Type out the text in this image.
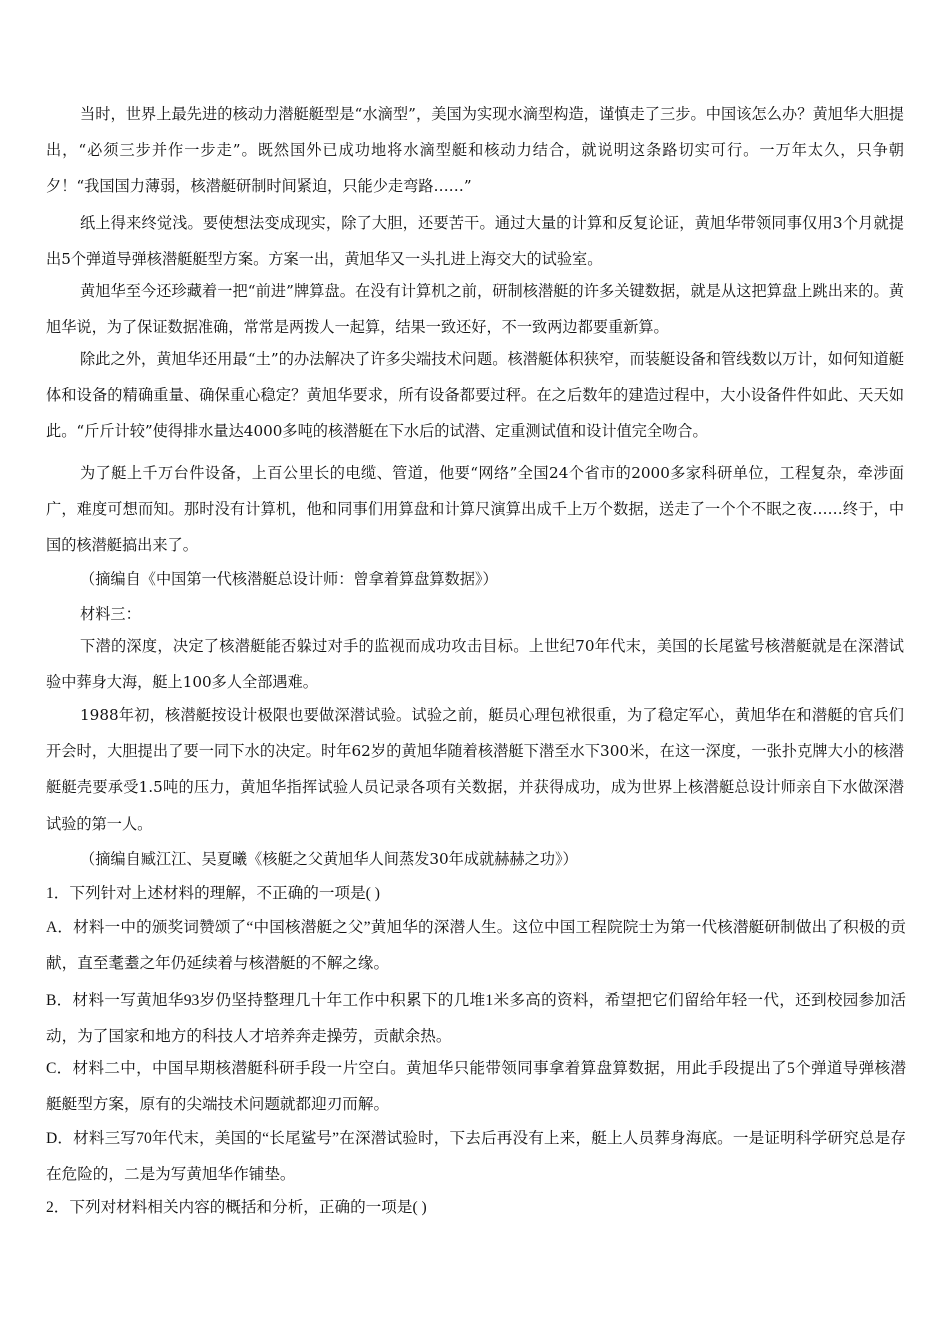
当时，世界上最先进的核动力潜艇艇型是“水滴型”，美国为实现水滴型构造，谨慎走了三步。中国该怎么办？黄旭华大胆提出，“必须三步并作一步走”。既然国外已成功地将水滴型艇和核动力结合，就说明这条路切实可行。一万年太久，只争朝夕！“我国国力薄弱，核潜艇研制时间紧迫，只能少走弯路……”

纸上得来终觉浅。要使想法变成现实，除了大胆，还要苦干。通过大量的计算和反复论证，黄旭华带领同事仅用3个月就提出5个弹道导弹核潜艇艇型方案。方案一出，黄旭华又一头扎进上海交大的试验室。

黄旭华至今还珍藏着一把“前进”牌算盘。在没有计算机之前，研制核潜艇的许多关键数据，就是从这把算盘上跳出来的。黄旭华说，为了保证数据准确，常常是两拨人一起算，结果一致还好，不一致两边都要重新算。

除此之外，黄旭华还用最“土”的办法解决了许多尖端技术问题。核潜艇体积狭窄，而装艇设备和管线数以万计，如何知道艇体和设备的精确重量、确保重心稳定？黄旭华要求，所有设备都要过秤。在之后数年的建造过程中，大小设备件件如此、天天如此。“斤斤计较”使得排水量达4000多吨的核潜艇在下水后的试潜、定重测试值和设计值完全吻合。

为了艇上千万台件设备，上百公里长的电缆、管道，他要“网络”全国24个省市的2000多家科研单位，工程复杂，牵涉面广，难度可想而知。那时没有计算机，他和同事们用算盘和计算尺演算出成千上万个数据，送走了一个个不眠之夜……终于，中国的核潜艇搞出来了。

（摘编自《中国第一代核潜艇总设计师：曾拿着算盘算数据》）

材料三：

下潜的深度，决定了核潜艇能否躲过对手的监视而成功攻击目标。上世纪70年代末，美国的长尾鲨号核潜艇就是在深潜试验中葬身大海，艇上100多人全部遇难。

1988年初，核潜艇按设计极限也要做深潜试验。试验之前，艇员心理包袱很重，为了稳定军心，黄旭华在和潜艇的官兵们开会时，大胆提出了要一同下水的决定。时年62岁的黄旭华随着核潜艇下潜至水下300米，在这一深度，一张扑克牌大小的核潜艇艇壳要承受1.5吨的压力，黄旭华指挥试验人员记录各项有关数据，并获得成功，成为世界上核潜艇总设计师亲自下水做深潜试验的第一人。

（摘编自臧江江、吴夏曦《核艇之父黄旭华人间蒸发30年成就赫赫之功》）

1．下列针对上述材料的理解，不正确的一项是( )

A．材料一中的颁奖词赞颂了“中国核潜艇之父”黄旭华的深潜人生。这位中国工程院院士为第一代核潜艇研制做出了积极的贡献，直至耄耋之年仍延续着与核潜艇的不解之缘。

B．材料一写黄旭华93岁仍坚持整理几十年工作中积累下的几堆1米多高的资料，希望把它们留给年轻一代，还到校园参加活动，为了国家和地方的科技人才培养奔走操劳，贡献余热。

C．材料二中，中国早期核潜艇科研手段一片空白。黄旭华只能带领同事拿着算盘算数据，用此手段提出了5个弹道导弹核潜艇艇型方案，原有的尖端技术问题就都迎刃而解。

D．材料三写70年代末，美国的“长尾鲨号”在深潜试验时，下去后再没有上来，艇上人员葬身海底。一是证明科学研究总是存在危险的，二是为写黄旭华作铺垫。

2．下列对材料相关内容的概括和分析，正确的一项是( )
